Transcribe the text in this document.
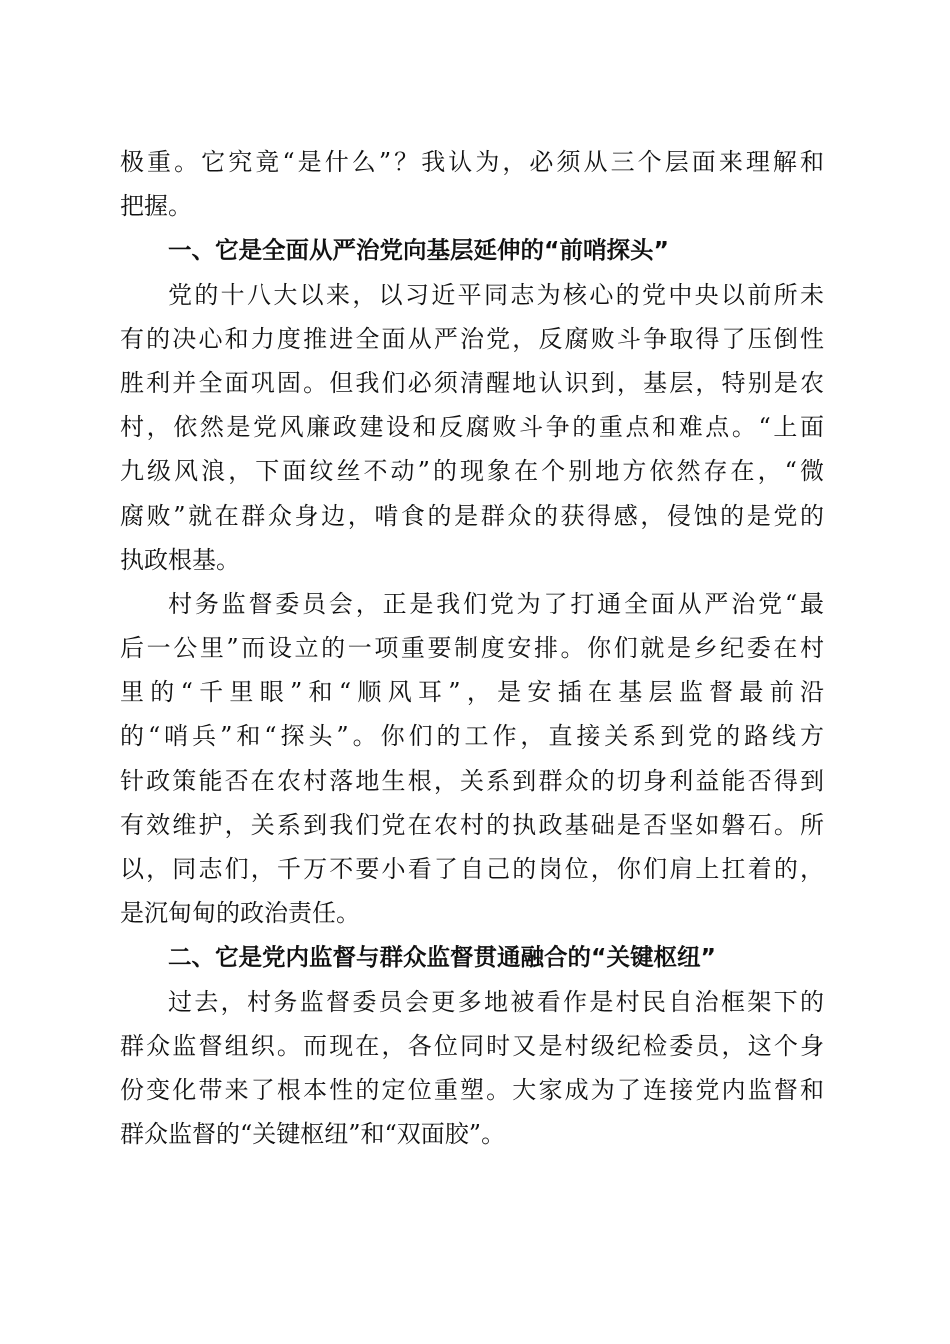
极重。它究竟“是什么”？我认为，必须从三个层面来理解和
把握。
一、它是全面从严治党向基层延伸的“前哨探头”
党的十八大以来，以习近平同志为核心的党中央以前所未
有的决心和力度推进全面从严治党，反腐败斗争取得了压倒性
胜利并全面巩固。但我们必须清醒地认识到，基层，特别是农
村，依然是党风廉政建设和反腐败斗争的重点和难点。“上面
九级风浪，下面纹丝不动”的现象在个别地方依然存在，“微
腐败”就在群众身边，啃食的是群众的获得感，侵蚀的是党的
执政根基。
村务监督委员会，正是我们党为了打通全面从严治党“最
后一公里”而设立的一项重要制度安排。你们就是乡纪委在村
里的“千里眼”和“顺风耳”，是安插在基层监督最前沿
的“哨兵”和“探头”。你们的工作，直接关系到党的路线方
针政策能否在农村落地生根，关系到群众的切身利益能否得到
有效维护，关系到我们党在农村的执政基础是否坚如磐石。所
以，同志们，千万不要小看了自己的岗位，你们肩上扛着的，
是沉甸甸的政治责任。
二、它是党内监督与群众监督贯通融合的“关键枢纽”
过去，村务监督委员会更多地被看作是村民自治框架下的
群众监督组织。而现在，各位同时又是村级纪检委员，这个身
份变化带来了根本性的定位重塑。大家成为了连接党内监督和
群众监督的“关键枢纽”和“双面胶”。
